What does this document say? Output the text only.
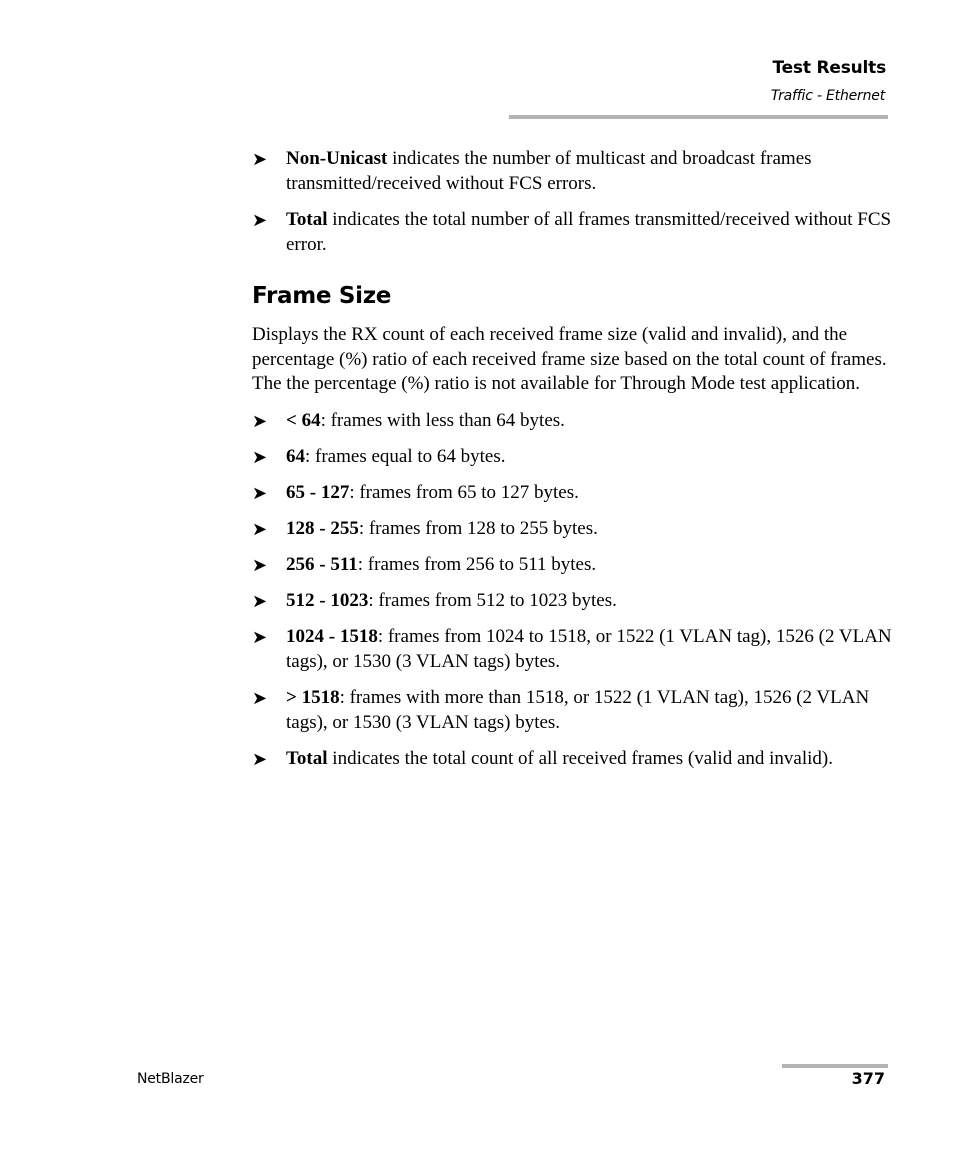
Test Results
Traffic - Ethernet
➤ Non-Unicast indicates the number of multicast and broadcast frames transmitted/received without FCS errors.
➤ Total indicates the total number of all frames transmitted/received without FCS error.
Frame Size

Displays the RX count of each received frame size (valid and invalid), and the percentage (%) ratio of each received frame size based on the total count of frames. The the percentage (%) ratio is not available for Through Mode test application.

➤ < 64: frames with less than 64 bytes.
➤ 64: frames equal to 64 bytes.
➤ 65 - 127: frames from 65 to 127 bytes.
➤ 128 - 255: frames from 128 to 255 bytes.
➤ 256 - 511: frames from 256 to 511 bytes.
➤ 512 - 1023: frames from 512 to 1023 bytes.
➤ 1024 - 1518: frames from 1024 to 1518, or 1522 (1 VLAN tag), 1526 (2 VLAN tags), or 1530 (3 VLAN tags) bytes.
➤ > 1518: frames with more than 1518, or 1522 (1 VLAN tag), 1526 (2 VLAN tags), or 1530 (3 VLAN tags) bytes.
➤ Total indicates the total count of all received frames (valid and invalid).
NetBlazer	377
